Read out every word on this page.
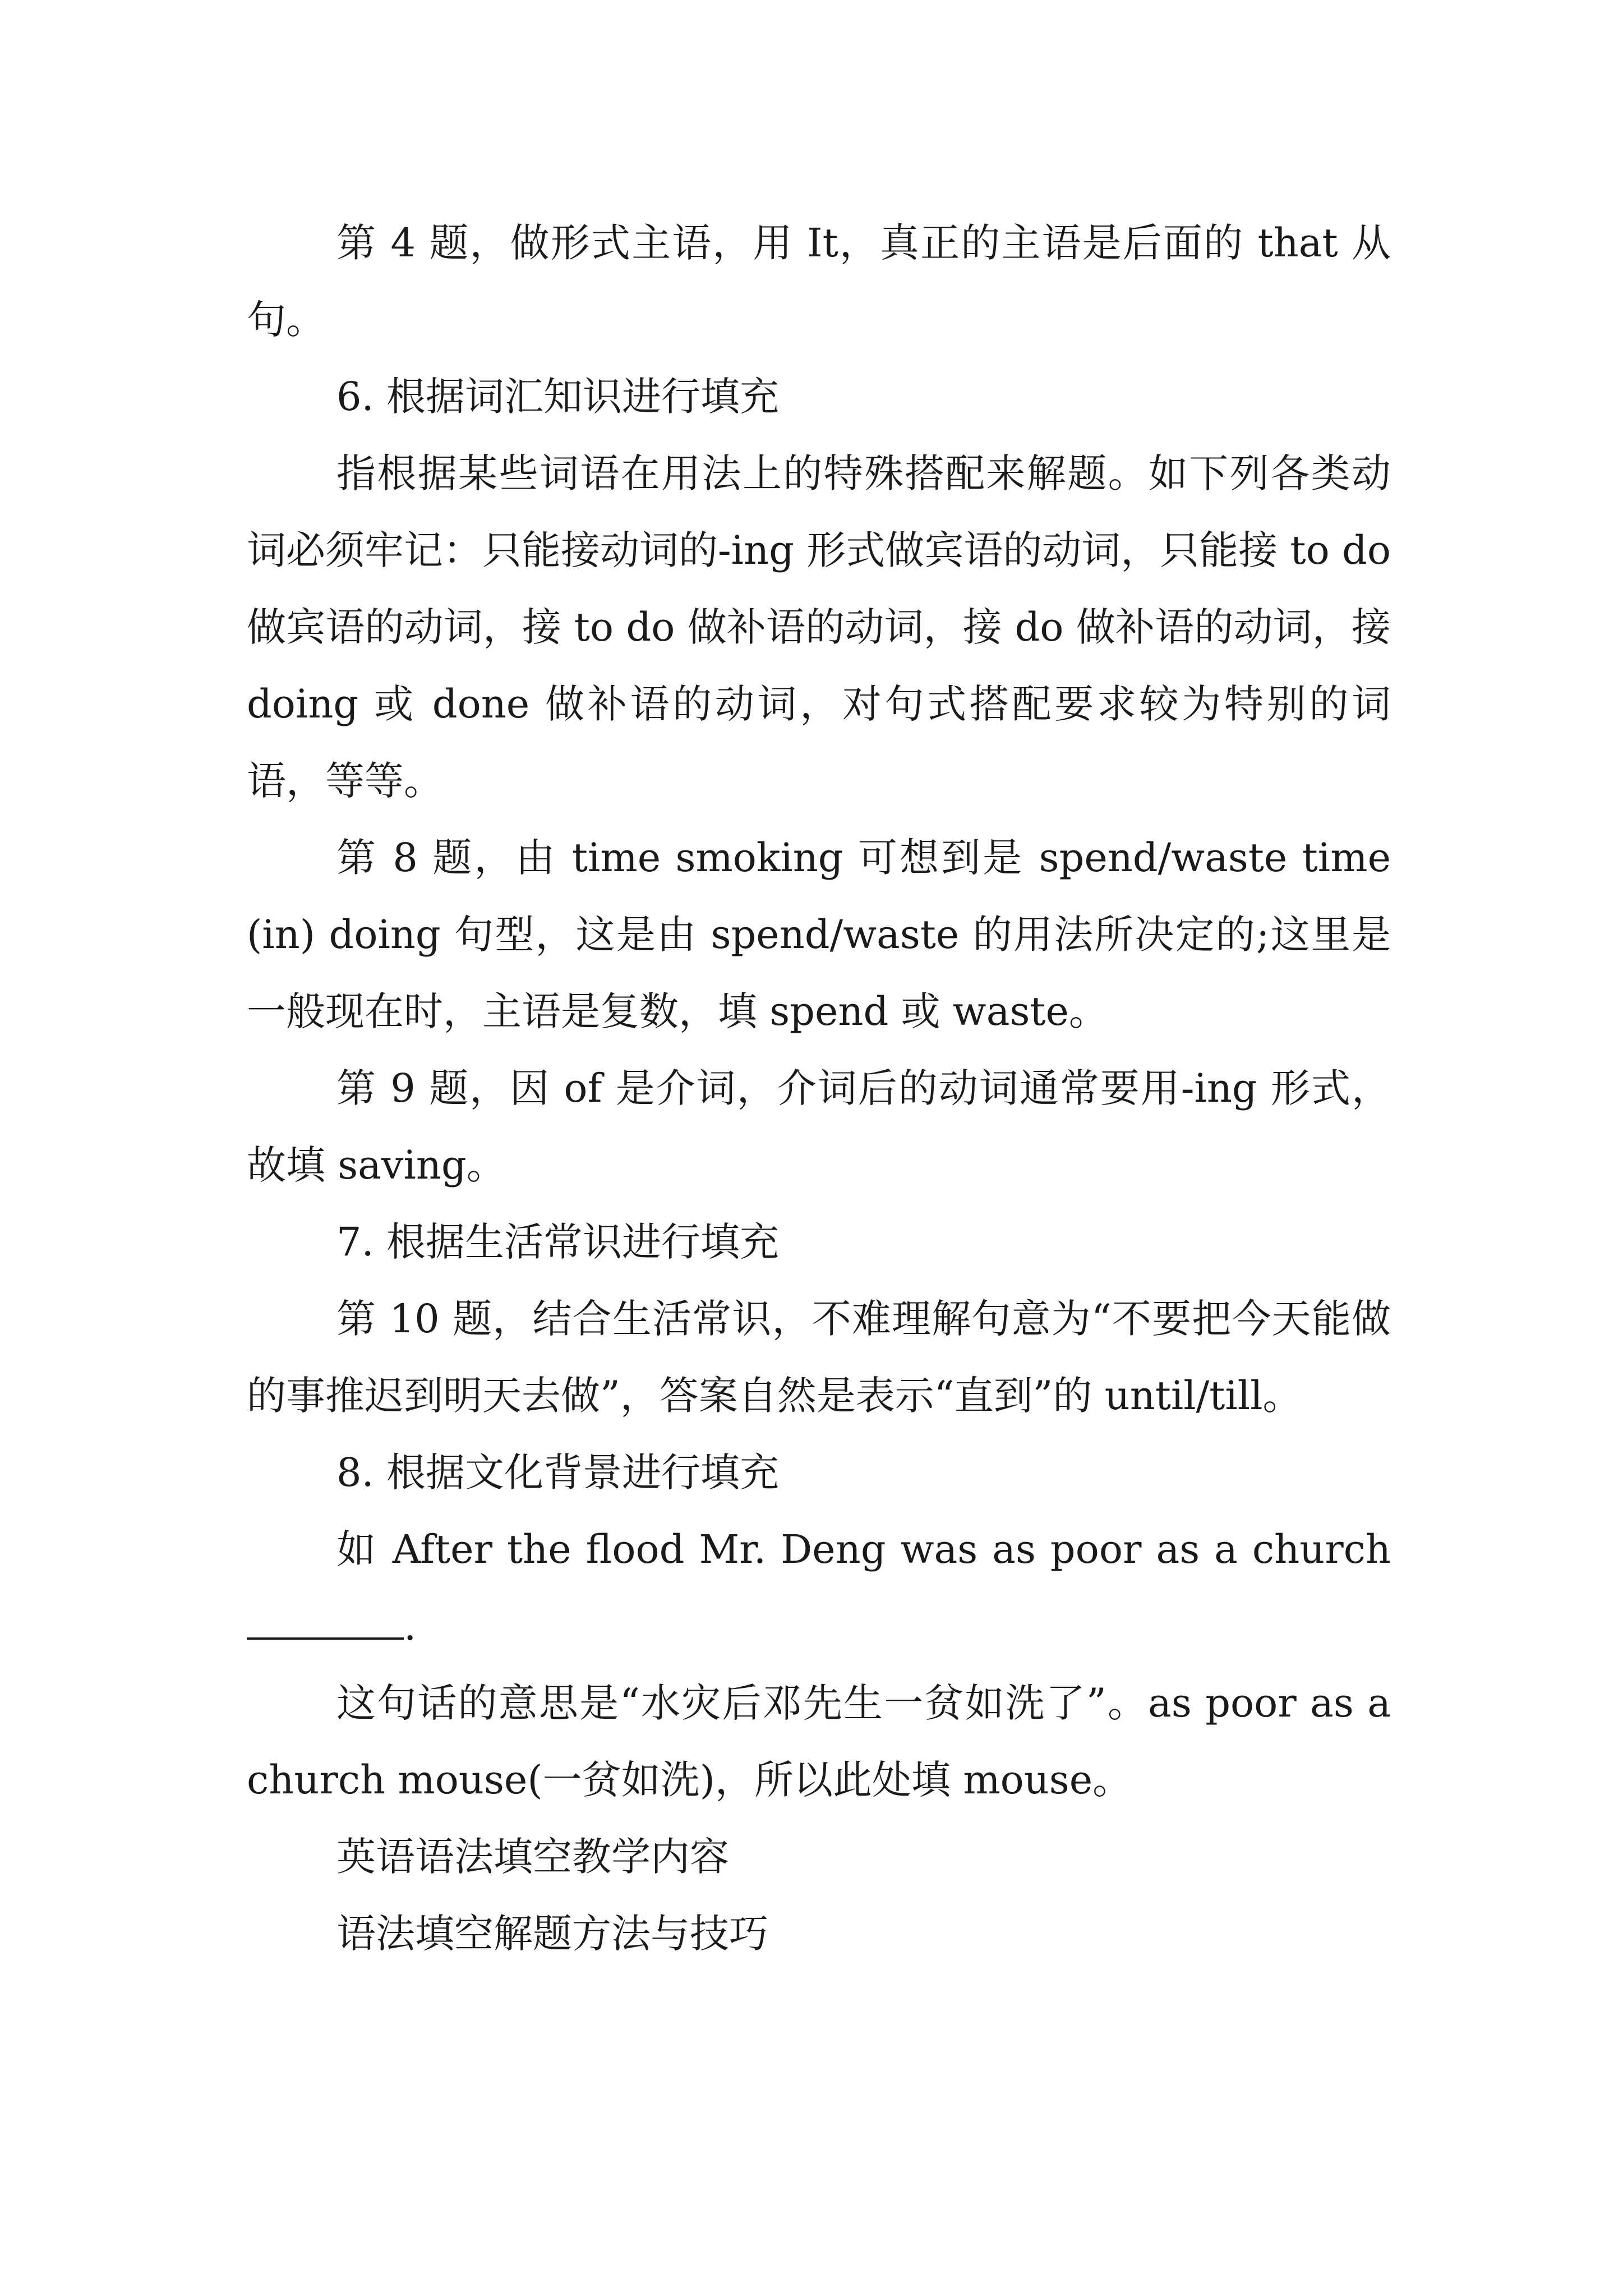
第 4 题，做形式主语，用 It，真正的主语是后面的 that 从句。

6. 根据词汇知识进行填充

指根据某些词语在用法上的特殊搭配来解题。如下列各类动词必须牢记：只能接动词的-ing 形式做宾语的动词，只能接 to do 做宾语的动词，接 to do 做补语的动词，接 do 做补语的动词，接 doing 或 done 做补语的动词，对句式搭配要求较为特别的词语，等等。

第 8 题，由 time smoking 可想到是 spend/waste time (in) doing 句型，这是由 spend/waste 的用法所决定的;这里是一般现在时，主语是复数，填 spend 或 waste。

第 9 题，因 of 是介词，介词后的动词通常要用-ing 形式，故填 saving。

7. 根据生活常识进行填充

第 10 题，结合生活常识，不难理解句意为“不要把今天能做的事推迟到明天去做”，答案自然是表示“直到”的 until/till。

8. 根据文化背景进行填充

如 After the flood Mr. Deng was as poor as a church.

这句话的意思是“水灾后邓先生一贫如洗了”。as poor as a church mouse(一贫如洗)，所以此处填 mouse。

英语语法填空教学内容

语法填空解题方法与技巧
